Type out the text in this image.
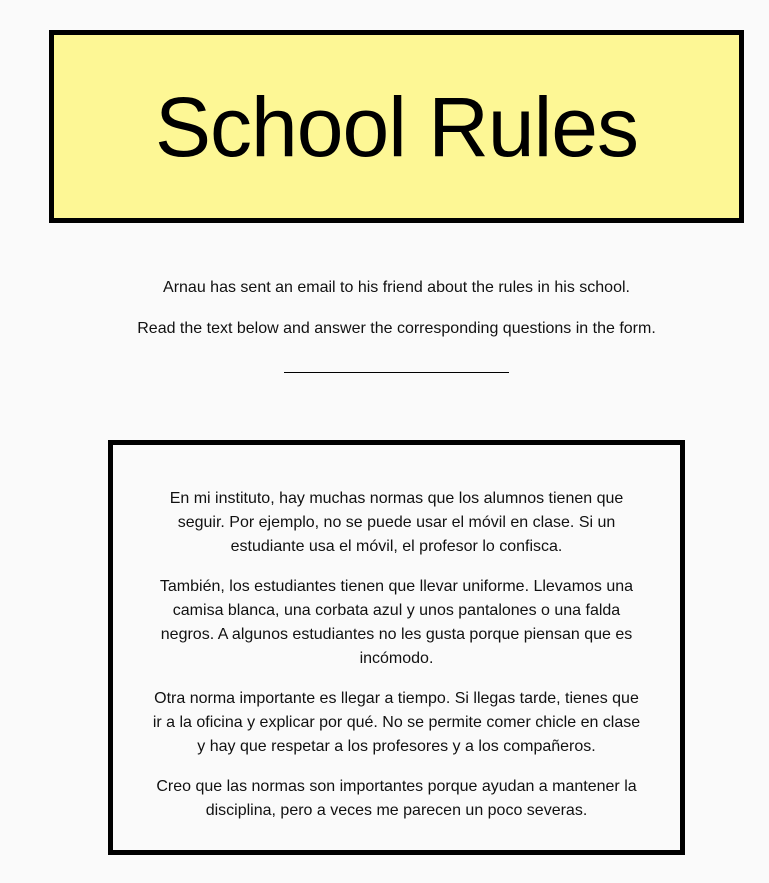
School Rules

Arnau has sent an email to his friend about the rules in his school.

Read the text below and answer the corresponding questions in the form.

En mi instituto, hay muchas normas que los alumnos tienen que seguir. Por ejemplo, no se puede usar el móvil en clase. Si un estudiante usa el móvil, el profesor lo confisca.

También, los estudiantes tienen que llevar uniforme. Llevamos una camisa blanca, una corbata azul y unos pantalones o una falda negros. A algunos estudiantes no les gusta porque piensan que es incómodo.

Otra norma importante es llegar a tiempo. Si llegas tarde, tienes que ir a la oficina y explicar por qué. No se permite comer chicle en clase y hay que respetar a los profesores y a los compañeros.

Creo que las normas son importantes porque ayudan a mantener la disciplina, pero a veces me parecen un poco severas.
